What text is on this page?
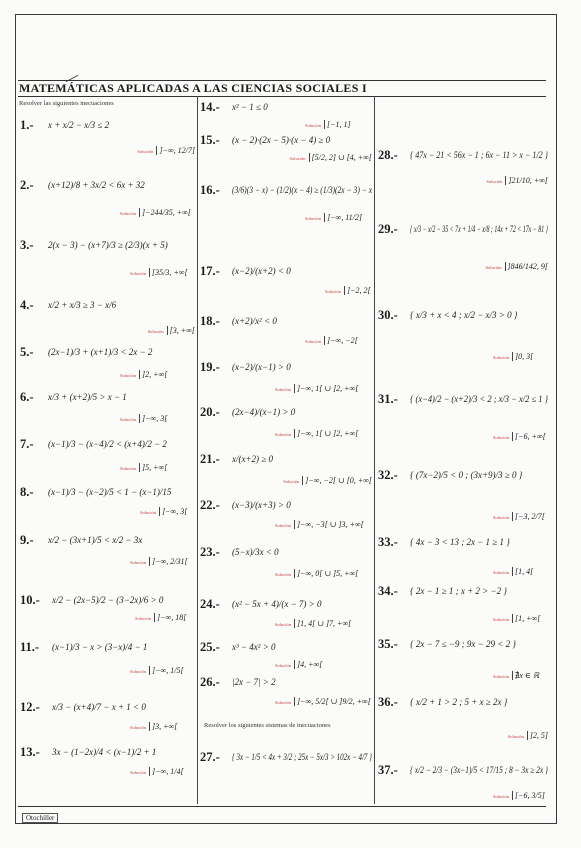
MATEMÁTICAS APLICADAS A LAS CIENCIAS SOCIALES I
Resolver las siguientes inecuaciones
Resolver los siguientes sistemas de inecuaciones
1.- x + x/2 − x/3 ≤ 2
Solución ]−∞, 12/7]
2.- (x+12)/8 + 3x/2 < 6x + 32
Solución ]−244/35, +∞[
3.- 2(x − 3) − (x+7)/3 ≥ (2/3)(x + 5)
Solución [35/3, +∞[
4.- x/2 + x/3 ≥ 3 − x/6
Solución [3, +∞[
5.- (2x−1)/3 + (x+1)/3 < 2x − 2
Solución ]2, +∞[
6.- x/3 + (x+2)/5 > x − 1
Solución ]−∞, 3[
7.- (x−1)/3 − (x−4)/2 < (x+4)/2 − 2
Solución ]5, +∞[
8.- (x−1)/3 − (x−2)/5 < 1 − (x−1)/15
Solución ]−∞, 3[
9.- x/2 − (3x+1)/5 < x/2 − 3x
Solución ]−∞, 2/31[
10.- x/2 − (2x−5)/2 − (3−2x)/6 > 0
Solución ]−∞, 18[
11.- (x−1)/3 − x > (3−x)/4 − 1
Solución ]−∞, 1/5[
12.- x/3 − (x+4)/7 − x + 1 < 0
Solución ]3, +∞[
13.- 3x − (1−2x)/4 < (x−1)/2 + 1
Solución ]−∞, 1/4[
14.- x² − 1 ≤ 0
Solución [−1, 1]
15.- (x − 2)·(2x − 5)·(x − 4) ≥ 0
Solución [5/2, 2] ∪ [4, +∞[
16.- (3/6)(3 − x) − (1/2)(x − 4) ≥ (1/3)(2x − 3) − x
Solución ]−∞, 11/2]
17.- (x−2)/(x+2) < 0
Solución ]−2, 2[
18.- (x+2)/x² < 0
Solución ]−∞, −2[
19.- (x−2)/(x−1) > 0
Solución ]−∞, 1[ ∪ ]2, +∞[
20.- (2x−4)/(x−1) > 0
Solución ]−∞, 1[ ∪ ]2, +∞[
21.- x/(x+2) ≥ 0
Solución ]−∞, −2[ ∪ [0, +∞[
22.- (x−3)/(x+3) > 0
Solución ]−∞, −3[ ∪ ]3, +∞[
23.- (5−x)/3x < 0
Solución ]−∞, 0[ ∪ ]5, +∞[
24.- (x² − 5x + 4)/(x − 7) > 0
Solución ]1, 4[ ∪ ]7, +∞[
25.- x³ − 4x² > 0
Solución ]4, +∞[
26.- |2x − 7| > 2
Solución ]−∞, 5/2[ ∪ ]9/2, +∞[
27.- { 3x − 1/5 < 4x + 3/2 ; 25x − 5x/3 > 102x − 4/7 }
28.- { 47x − 21 < 56x − 1 ; 6x − 11 > x − 1/2 }
Solución ]21/10, +∞[
29.- { x/3 − x/2 − 35 < 7x + 1/4 − x/8 ; 14x + 72 < 17x − 81 }
Solución ]846/142, 9[
30.- { x/3 + x < 4 ; x/2 − x/3 > 0 }
Solución ]0, 3[
31.- { (x−4)/2 − (x+2)/3 < 2 ; x/3 − x/2 ≤ 1 }
Solución [−6, +∞[
32.- { (7x−2)/5 < 0 ; (3x+9)/3 ≥ 0 }
Solución [−3, 2/7[
33.- { 4x − 3 < 13 ; 2x − 1 ≥ 1 }
Solución [1, 4[
34.- { 2x − 1 ≥ 1 ; x + 2 > −2 }
Solución [1, +∞[
35.- { 2x − 7 ≤ −9 ; 9x − 29 < 2 }
Solución ∄x ∈ ℝ
36.- { x/2 + 1 > 2 ; 5 + x ≥ 2x }
Solución ]2, 5]
37.- { x/2 − 2/3 − (3x−1)/5 < 17/15 ; 8 − 3x ≥ 2x }
Solución [−6, 3/5]
Otochiller
